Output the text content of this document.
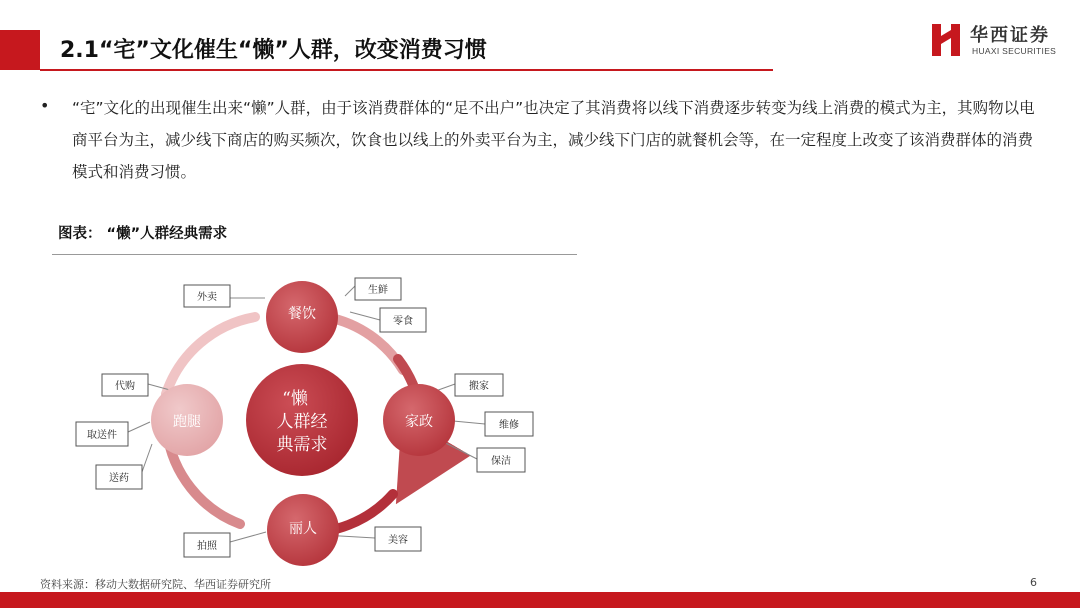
2.1“宅”文化催生“懒”人群，改变消费习惯
华西证券
HUAXI SECURITIES
• “宅”文化的出现催生出来“懒”人群，由于该消费群体的“足不出户”也决定了其消费将以线下消费逐步转变为线上消费的模式为主，其购物以电商平台为主，减少线下商店的购买频次，饮食也以线上的外卖平台为主，减少线下门店的就餐机会等，在一定程度上改变了该消费群体的消费模式和消费习惯。
图表： “懒”人群经典需求
餐饮
家政
丽人
跑腿
“懒
人群经
典需求
外卖
生鲜
零食
搬家
维修
保洁
美容
拍照
代购
取送件
送药
资料来源：移动大数据研究院、华西证券研究所	6
